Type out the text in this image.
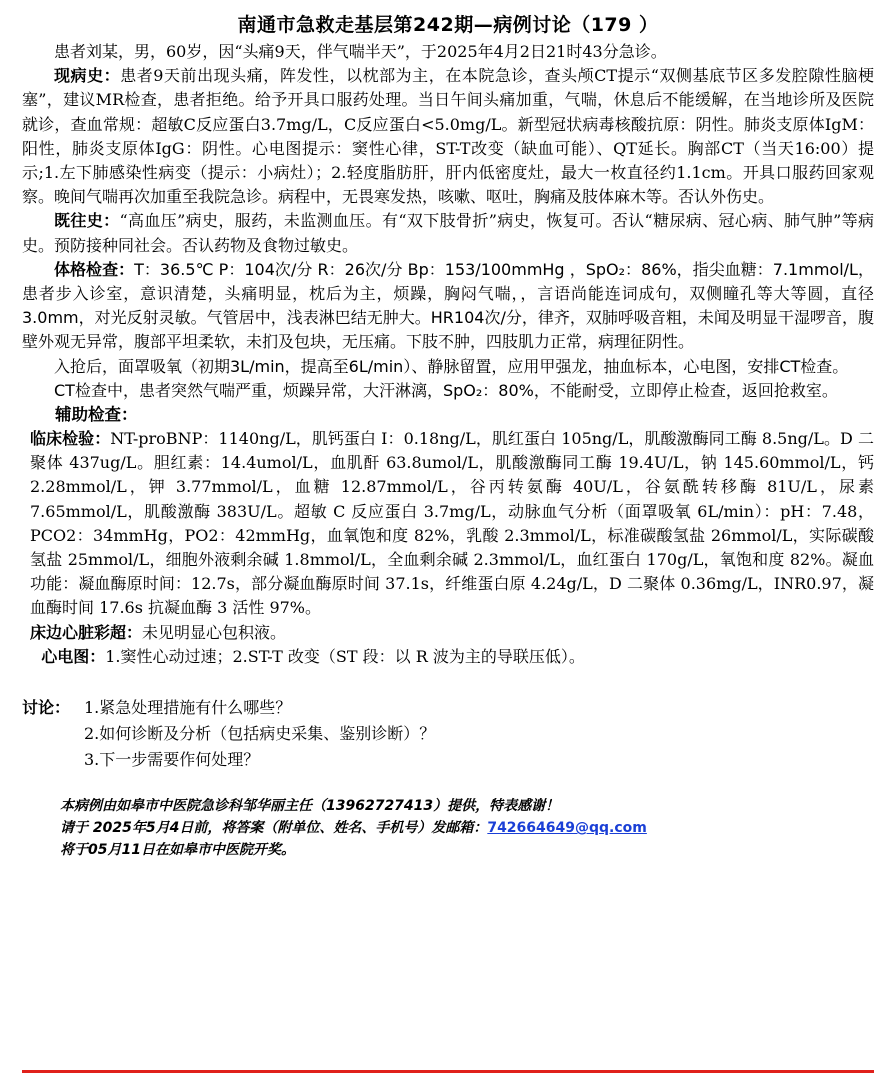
南通市急救走基层第242期—病例讨论（179 ）

患者刘某，男，60岁，因“头痛9天，伴气喘半天”，于2025年4月2日21时43分急诊。

现病史：患者9天前出现头痛，阵发性，以枕部为主，在本院急诊，查头颅CT提示“双侧基底节区多发腔隙性脑梗塞”，建议MR检查，患者拒绝。给予开具口服药处理。当日午间头痛加重，气喘，休息后不能缓解，在当地诊所及医院就诊，查血常规：超敏C反应蛋白3.7mg/L，C反应蛋白<5.0mg/L。新型冠状病毒核酸抗原：阴性。肺炎支原体IgM：阳性，肺炎支原体IgG：阴性。心电图提示：窦性心律，ST-T改变（缺血可能）、QT延长。胸部CT（当天16:00）提示;1.左下肺感染性病变（提示：小病灶）；2.轻度脂肪肝，肝内低密度灶，最大一枚直径约1.1cm。开具口服药回家观察。晚间气喘再次加重至我院急诊。病程中，无畏寒发热，咳嗽、呕吐，胸痛及肢体麻木等。否认外伤史。

既往史：“高血压”病史，服药，未监测血压。有“双下肢骨折”病史，恢复可。否认“糖尿病、冠心病、肺气肿”等病史。预防接种同社会。否认药物及食物过敏史。

体格检查：T：36.5℃ P：104次/分 R：26次/分 Bp：153/100mmHg ，SpO₂：86%，指尖血糖：7.1mmol/L，患者步入诊室，意识清楚，头痛明显，枕后为主，烦躁，胸闷气喘，，言语尚能连词成句，双侧瞳孔等大等圆，直径3.0mm，对光反射灵敏。气管居中，浅表淋巴结无肿大。HR104次/分，律齐，双肺呼吸音粗，未闻及明显干湿啰音，腹壁外观无异常，腹部平坦柔软，未扪及包块，无压痛。下肢不肿，四肢肌力正常，病理征阴性。

入抢后，面罩吸氧（初期3L/min，提高至6L/min）、静脉留置，应用甲强龙，抽血标本，心电图，安排CT检查。

CT检查中，患者突然气喘严重，烦躁异常，大汗淋漓，SpO₂：80%，不能耐受，立即停止检查，返回抢救室。

辅助检查：

临床检验：NT-proBNP：1140ng/L，肌钙蛋白 I：0.18ng/L，肌红蛋白 105ng/L，肌酸激酶同工酶 8.5ng/L。D 二聚体 437ug/L。胆红素：14.4umol/L，血肌酐 63.8umol/L，肌酸激酶同工酶 19.4U/L，钠 145.60mmol/L，钙 2.28mmol/L，钾 3.77mmol/L，血糖 12.87mmol/L，谷丙转氨酶 40U/L，谷氨酰转移酶 81U/L，尿素 7.65mmol/L，肌酸激酶 383U/L。超敏 C 反应蛋白 3.7mg/L，动脉血气分析（面罩吸氧 6L/min）：pH：7.48，PCO2：34mmHg，PO2：42mmHg，血氧饱和度 82%，乳酸 2.3mmol/L，标准碳酸氢盐 26mmol/L，实际碳酸氢盐 25mmol/L，细胞外液剩余碱 1.8mmol/L，全血剩余碱 2.3mmol/L，血红蛋白 170g/L，氧饱和度 82%。凝血功能：凝血酶原时间：12.7s，部分凝血酶原时间 37.1s，纤维蛋白原 4.24g/L，D 二聚体 0.36mg/L，INR0.97，凝血酶时间 17.6s 抗凝血酶 3 活性 97%。

床边心脏彩超：未见明显心包积液。

心电图：1.窦性心动过速；2.ST-T 改变（ST 段：以 R 波为主的导联压低）。

讨论： 1.紧急处理措施有什么哪些？
2.如何诊断及分析（包括病史采集、鉴别诊断）？
3.下一步需要作何处理？
本病例由如皋市中医院急诊科邹华丽主任（13962727413）提供，特表感谢！
请于 2025年5月4日前，将答案（附单位、姓名、手机号）发邮箱：742664649@qq.com
将于05月11日在如皋市中医院开奖。
